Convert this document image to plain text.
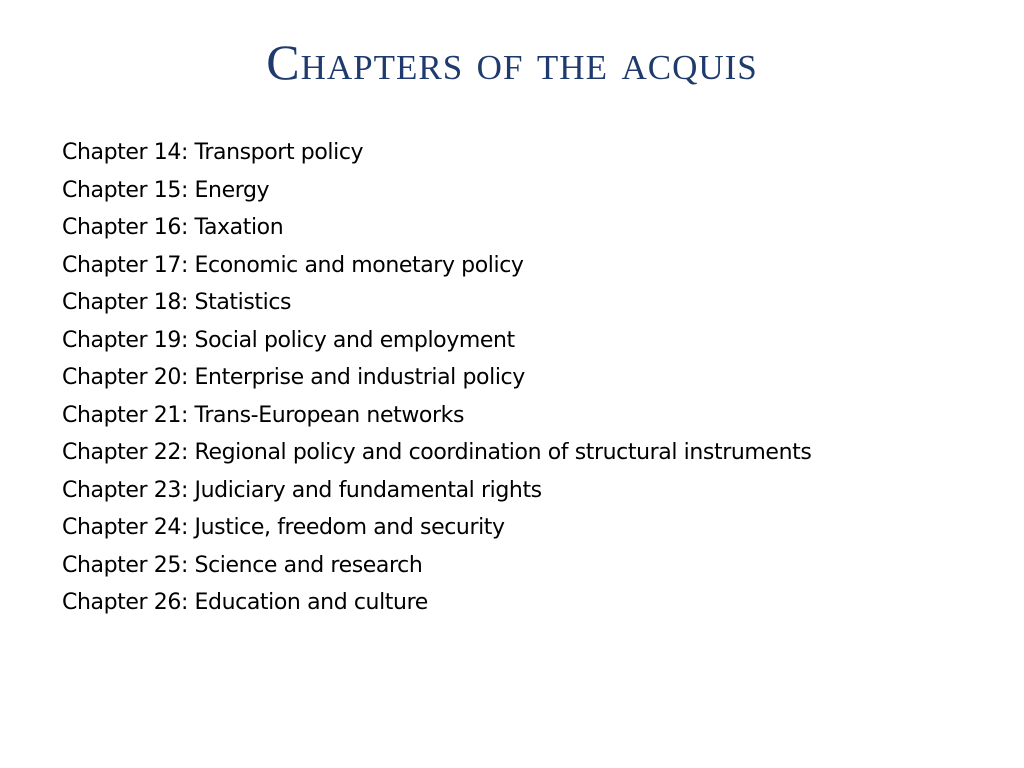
Chapters of the acquis
Chapter 14: Transport policy
Chapter 15: Energy
Chapter 16: Taxation
Chapter 17: Economic and monetary policy
Chapter 18: Statistics
Chapter 19: Social policy and employment
Chapter 20: Enterprise and industrial policy
Chapter 21: Trans-European networks
Chapter 22: Regional policy and coordination of structural instruments
Chapter 23: Judiciary and fundamental rights
Chapter 24: Justice, freedom and security
Chapter 25: Science and research
Chapter 26: Education and culture
